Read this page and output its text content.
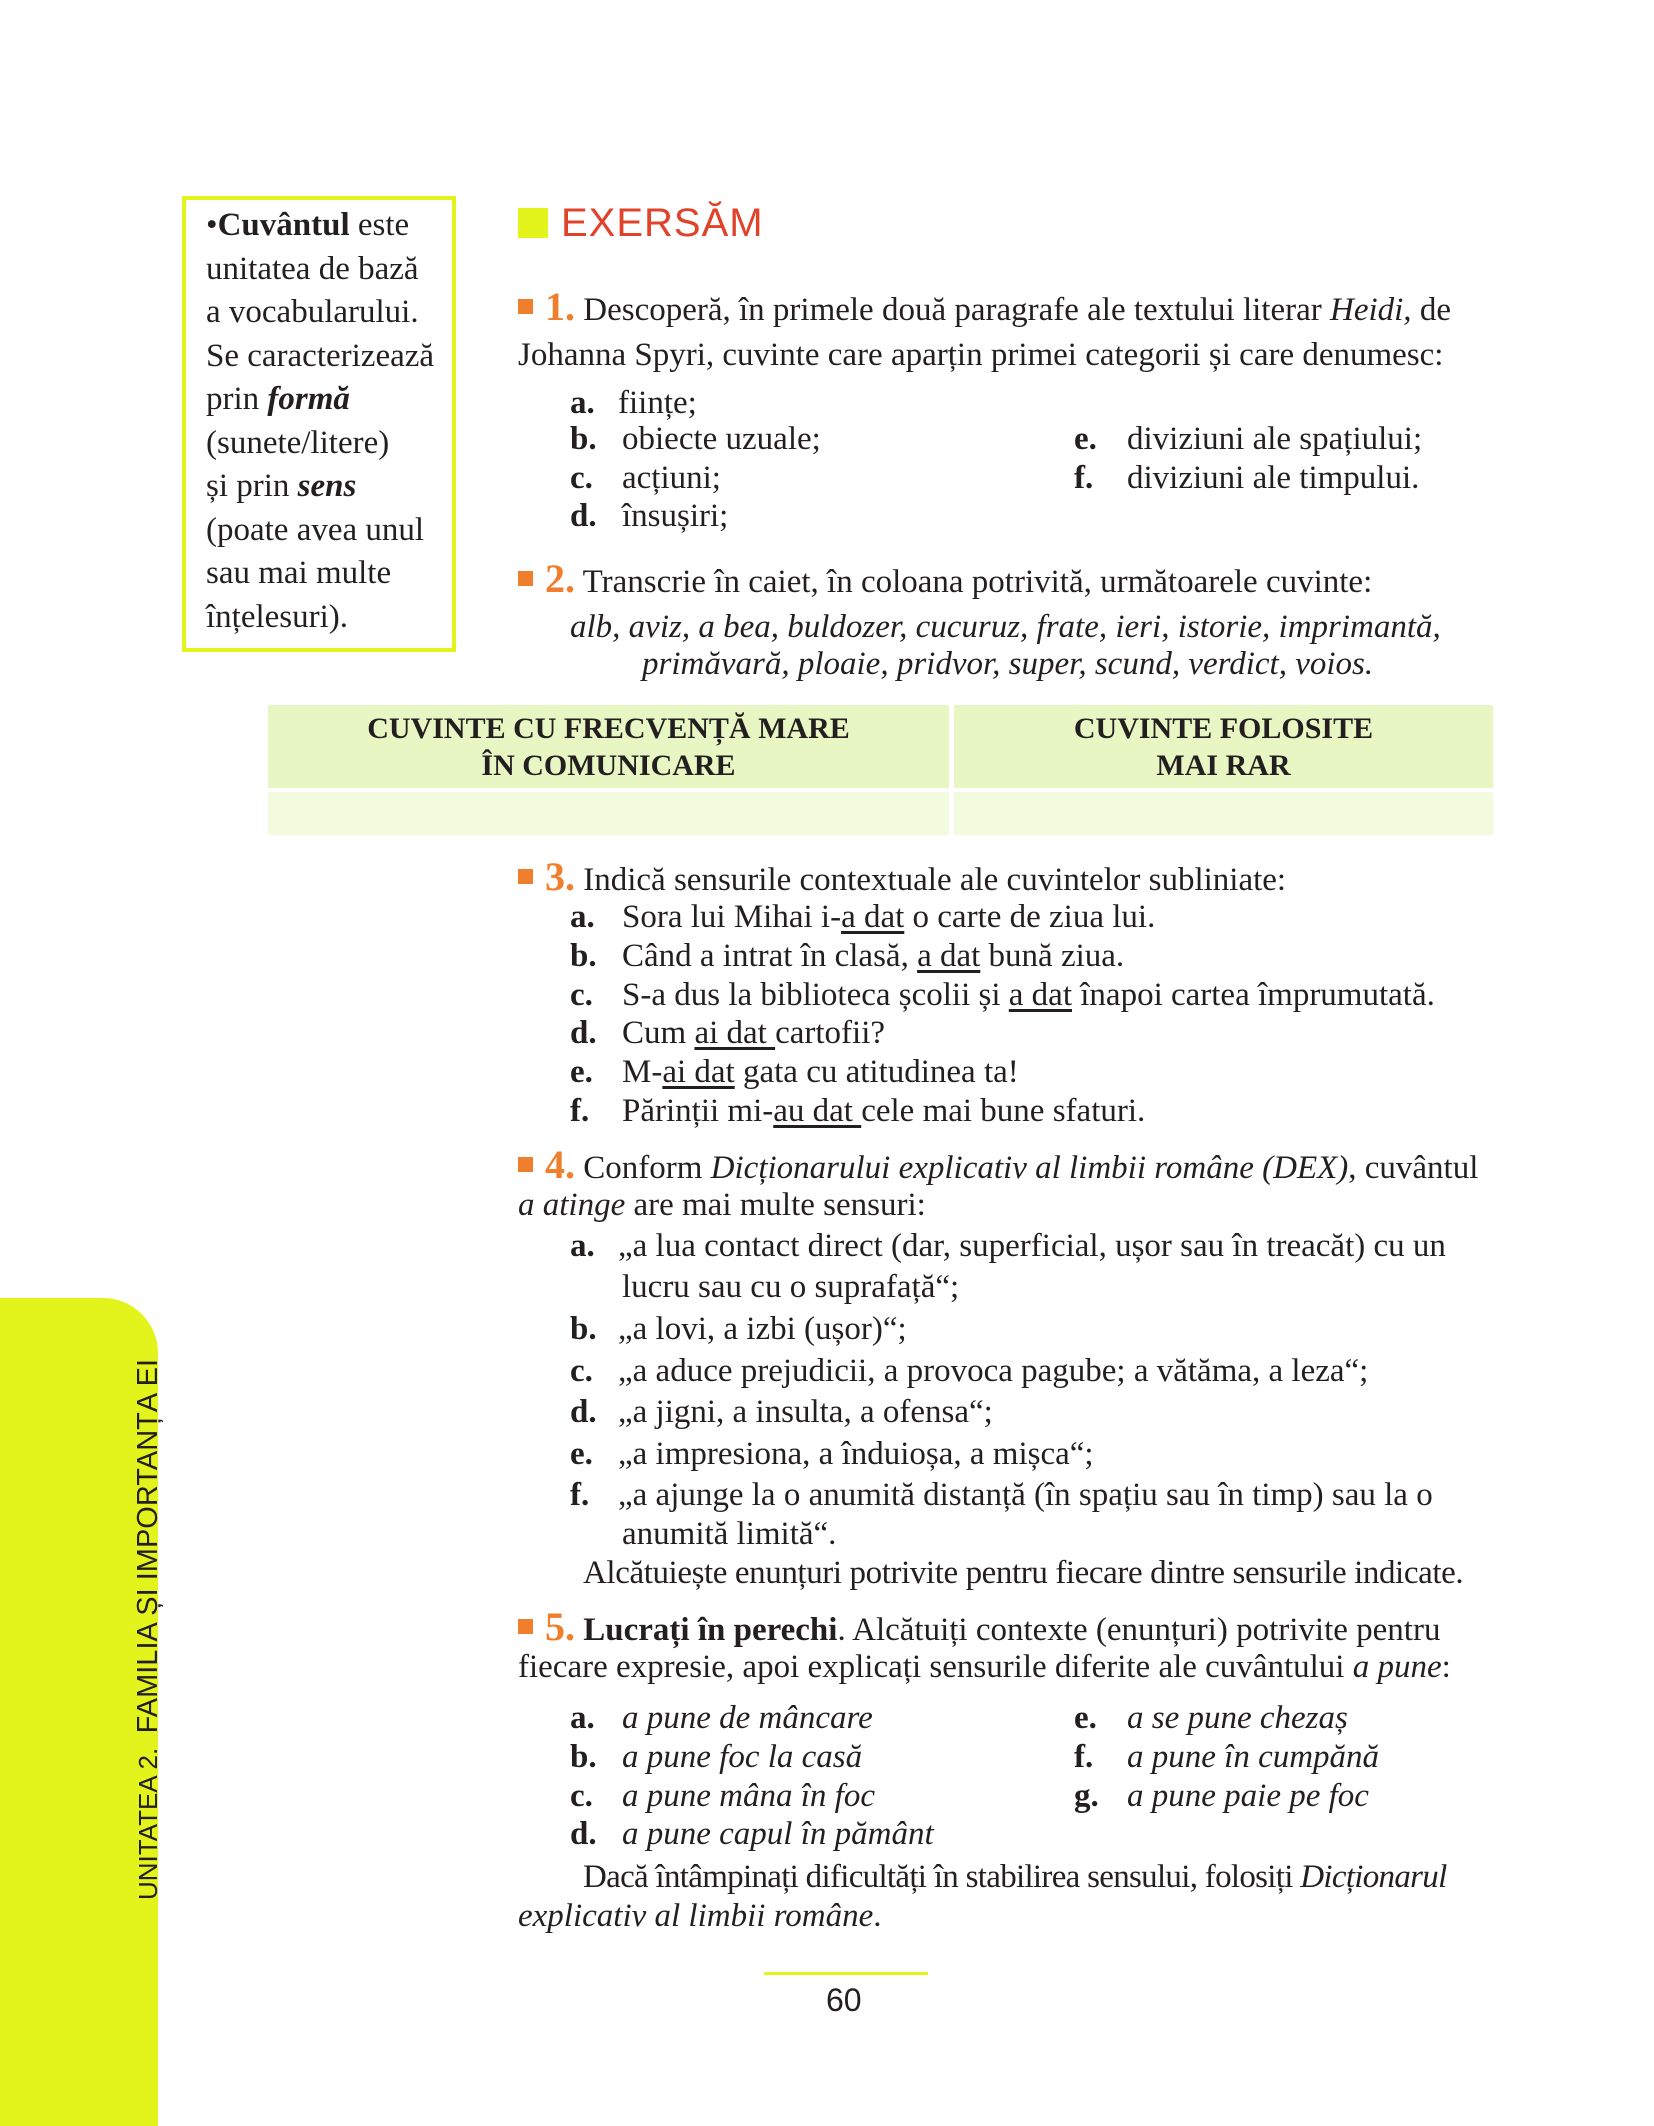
•Cuvântul este
unitatea de bază
a vocabularului.
Se caracterizează
prin formă
(sunete/litere)
și prin sens
(poate avea unul
sau mai multe
înțelesuri).
EXERSĂM
1. Descoperă, în primele două paragrafe ale textului literar Heidi, de
Johanna Spyri, cuvinte care aparțin primei categorii și care denumesc:
a. ființe;
b. obiecte uzuale;
c. acțiuni;
d. însușiri;
e. diviziuni ale spațiului;
f. diviziuni ale timpului.
2. Transcrie în caiet, în coloana potrivită, următoarele cuvinte:
alb, aviz, a bea, buldozer, cucuruz, frate, ieri, istorie, imprimantă,
primăvară, ploaie, pridvor, super, scund, verdict, voios.
CUVINTE CU FRECVENȚĂ MARE
ÎN COMUNICARE
CUVINTE FOLOSITE
MAI RAR
3. Indică sensurile contextuale ale cuvintelor subliniate:
a. Sora lui Mihai i-a dat o carte de ziua lui.
b. Când a intrat în clasă, a dat bună ziua.
c. S-a dus la biblioteca școlii și a dat înapoi cartea împrumutată.
d. Cum ai dat cartofii?
e. M-ai dat gata cu atitudinea ta!
f. Părinții mi-au dat cele mai bune sfaturi.
4. Conform Dicționarului explicativ al limbii române (DEX), cuvântul
a atinge are mai multe sensuri:
a. „a lua contact direct (dar, superficial, ușor sau în treacăt) cu un
lucru sau cu o suprafață“;
b. „a lovi, a izbi (ușor)“;
c. „a aduce prejudicii, a provoca pagube; a vătăma, a leza“;
d. „a jigni, a insulta, a ofensa“;
e. „a impresiona, a înduioșa, a mișca“;
f. „a ajunge la o anumită distanță (în spațiu sau în timp) sau la o
anumită limită“.
Alcătuiește enunțuri potrivite pentru fiecare dintre sensurile indicate.
5. Lucrați în perechi. Alcătuiți contexte (enunțuri) potrivite pentru
fiecare expresie, apoi explicați sensurile diferite ale cuvântului a pune:
a. a pune de mâncare
b. a pune foc la casă
c. a pune mâna în foc
d. a pune capul în pământ
e. a se pune chezaș
f. a pune în cumpănă
g. a pune paie pe foc
Dacă întâmpinați dificultăți în stabilirea sensului, folosiți Dicționarul
explicativ al limbii române.
UNITATEA 2.  FAMILIA ȘI IMPORTANȚA EI
60
